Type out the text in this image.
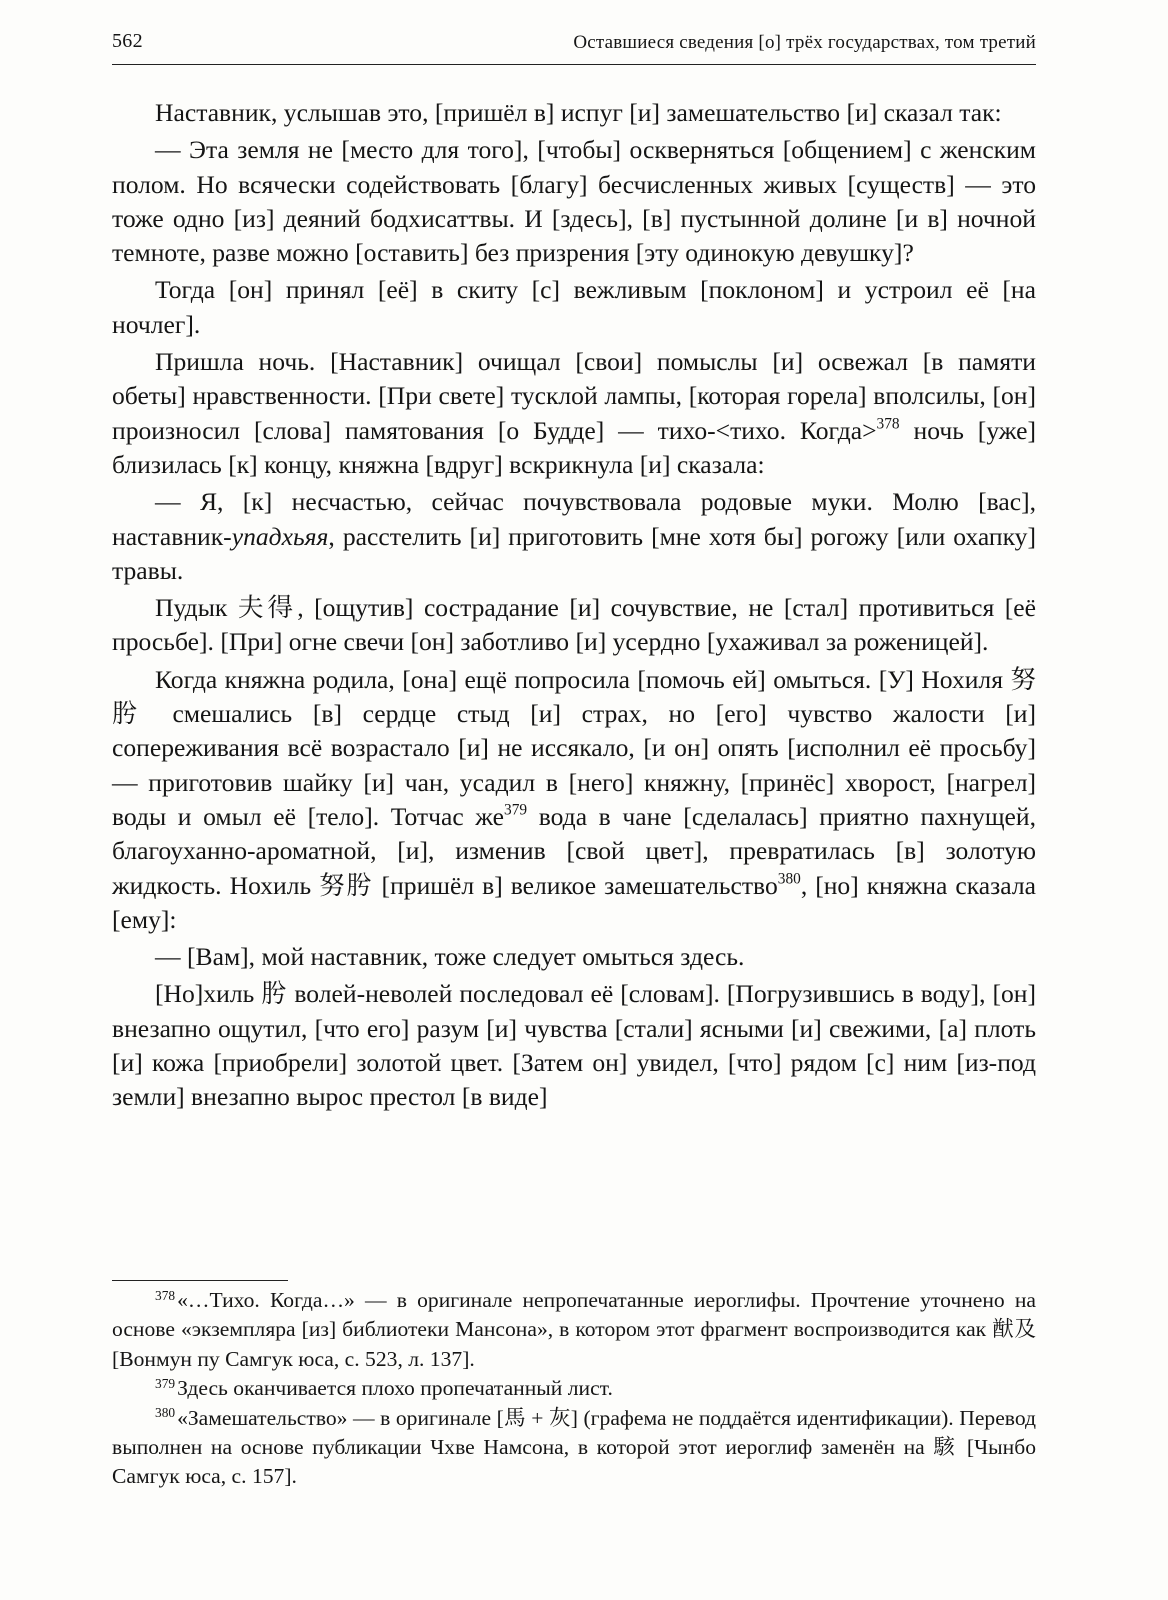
562	Оставшиеся сведения [о] трёх государствах, том третий

Наставник, услышав это, [пришёл в] испуг [и] замешательство [и] сказал так:

— Эта земля не [место для того], [чтобы] оскверняться [общением] с женским полом. Но всячески содействовать [благу] бесчисленных живых [существ] — это тоже одно [из] деяний бодхисаттвы. И [здесь], [в] пустынной долине [и в] ночной темноте, разве можно [оставить] без призрения [эту одинокую девушку]?

Тогда [он] принял [её] в скиту [с] вежливым [поклоном] и устроил её [на ночлег].

Пришла ночь. [Наставник] очищал [свои] помыслы [и] освежал [в памяти обеты] нравственности. [При свете] тусклой лампы, [которая горела] вполсилы, [он] произносил [слова] памятования [о Будде] — тихо-<тихо. Когда>$^{378}$ ночь [уже] близилась [к] концу, княжна [вдруг] вскрикнула [и] сказала:

— Я, [к] несчастью, сейчас почувствовала родовые муки. Молю [вас], наставник-упадхьяя, расстелить [и] приготовить [мне хотя бы] рогожу [или охапку] травы.

Пудык 夫得, [ощутив] сострадание [и] сочувствие, не [стал] противиться [её просьбе]. [При] огне свечи [он] заботливо [и] усердно [ухаживал за роженицей].

Когда княжна родила, [она] ещё попросила [помочь ей] омыться. [У] Нохиля 努肹 смешались [в] сердце стыд [и] страх, но [его] чувство жалости [и] сопереживания всё возрастало [и] не иссякало, [и он] опять [исполнил её просьбу] — приготовив шайку [и] чан, усадил в [него] княжну, [принёс] хворост, [нагрел] воды и омыл её [тело]. Тотчас $же^{379}$ вода в чане [сделалась] приятно пахнущей, благоуханно-ароматной, [и], изменив [свой цвет], превратилась [в] золотую жидкость. Нохиль 努肹 [пришёл в] великое замешательство$^{380}$, [но] княжна сказала [ему]:

— [Вам], мой наставник, тоже следует омыться здесь.

[Но]хиль 肹 волей-неволей последовал её [словам]. [Погрузившись в воду], [он] внезапно ощутил, [что его] разум [и] чувства [стали] ясными [и] свежими, [а] плоть [и] кожа [приобрели] золотой цвет. [Затем он] увидел, [что] рядом [с] ним [из-под земли] внезапно вырос престол [в виде]

$^{378}$«…Тихо. Когда…» — в оригинале непропечатанные иероглифы. Прочтение уточнено на основе «экземпляра [из] библиотеки Мансона», в котором этот фрагмент воспроизводится как 猷及 [Вонмун пу Самгук юса, с. 523, л. 137].

$^{379}$Здесь оканчивается плохо пропечатанный лист.

$^{380}$«Замешательство» — в оригинале [馬 + 灰] (графема не поддаётся идентификации). Перевод выполнен на основе публикации Чхве Намсона, в которой этот иероглиф заменён на 駭 [Чынбо Самгук юса, с. 157].
